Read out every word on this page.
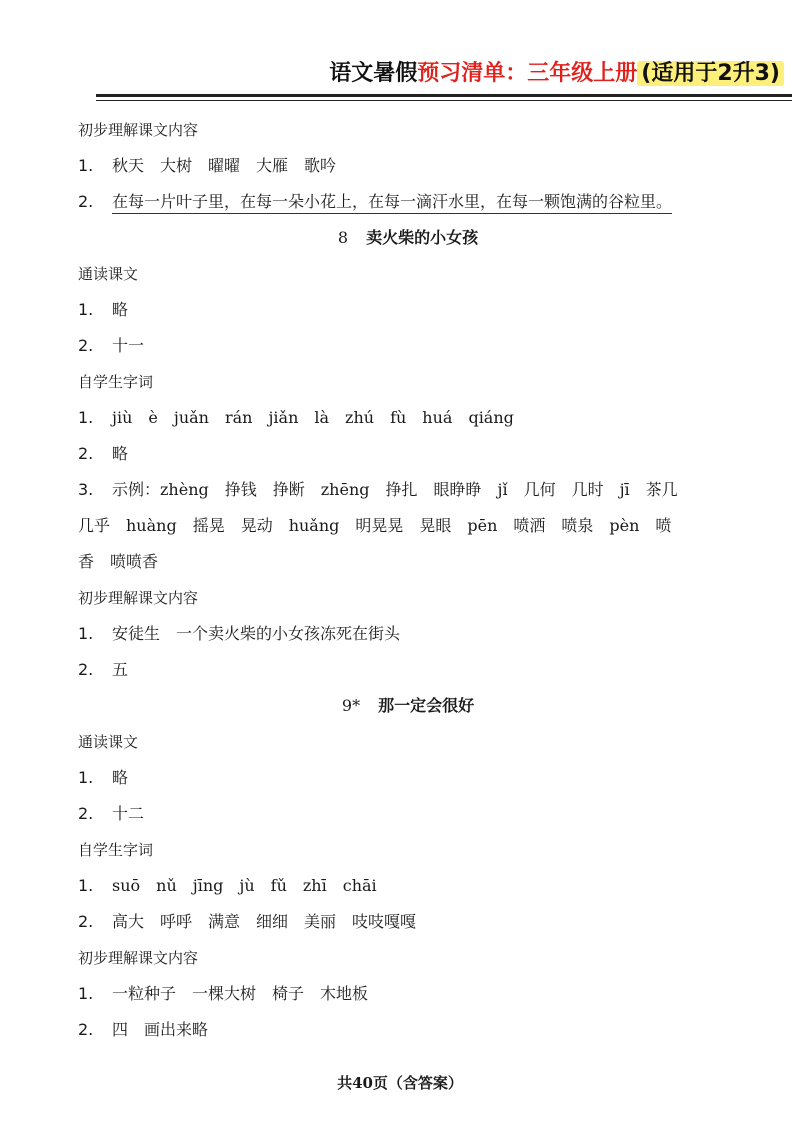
语文暑假预习清单：三年级上册 (适用于2升3)
初步理解课文内容
1. 秋天　大树　曜曜　大雁　歌吟
2. 在每一片叶子里，在每一朵小花上，在每一滴汗水里，在每一颗饱满的谷粒里。
8 卖火柴的小女孩
通读课文
1. 略
2. 十一
自学生字词
1. jiù　è　juǎn　rán　jiǎn　là　zhú　fù　huá　qiáng
2. 略
3. 示例：zhèng　挣钱　挣断　zhēng　挣扎　眼睁睁　jǐ　几何　几时　jī　茶几
几乎　huàng　摇晃　晃动　huǎng　明晃晃　晃眼　pēn　喷洒　喷泉　pèn　喷
香　喷喷香
初步理解课文内容
1. 安徒生　一个卖火柴的小女孩冻死在街头
2. 五
9* 那一定会很好
通读课文
1. 略
2. 十二
自学生字词
1. suō　nǔ　jīng　jù　fǔ　zhī　chāi
2. 高大　呼呼　满意　细细　美丽　吱吱嘎嘎
初步理解课文内容
1. 一粒种子　一棵大树　椅子　木地板
2. 四　画出来略
共40页（含答案）
